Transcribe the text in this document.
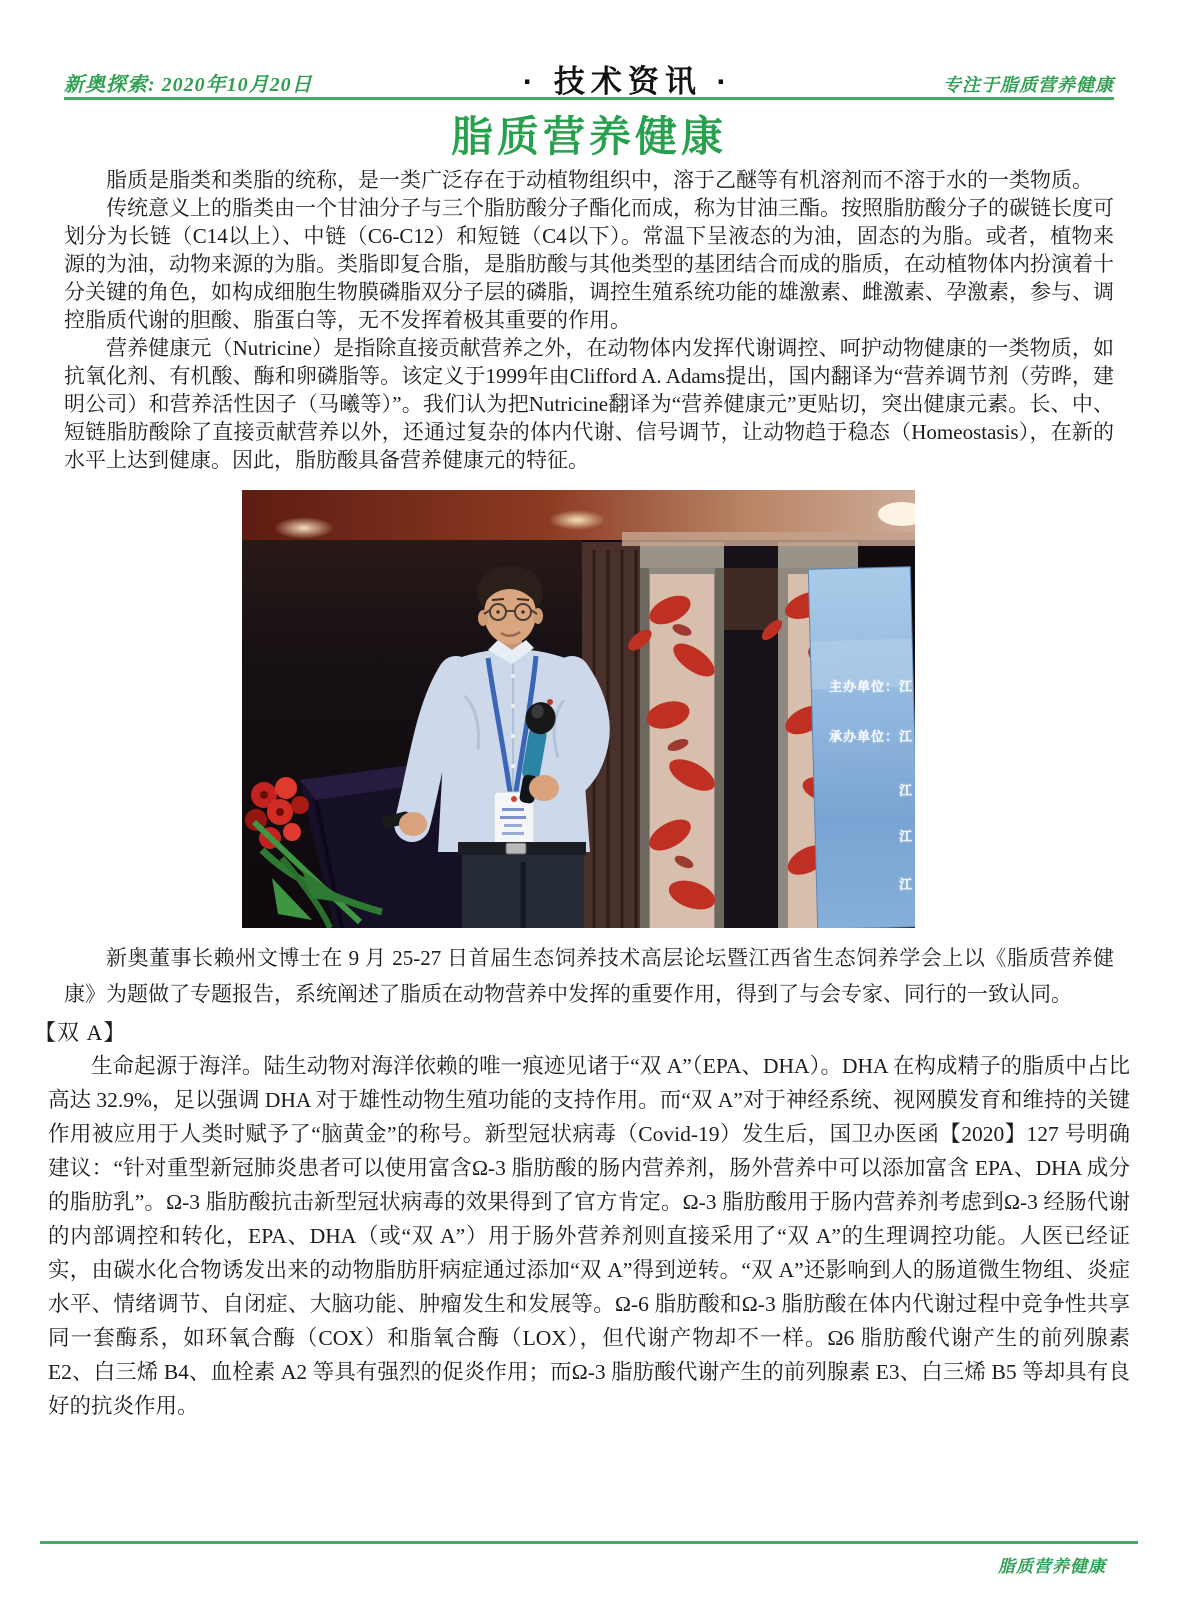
新奥探索: 2020年10月20日	· 技术资讯 ·	专注于脂质营养健康
脂质营养健康

脂质是脂类和类脂的统称，是一类广泛存在于动植物组织中，溶于乙醚等有机溶剂而不溶于水的一类物质。

传统意义上的脂类由一个甘油分子与三个脂肪酸分子酯化而成，称为甘油三酯。按照脂肪酸分子的碳链长度可划分为长链（C14以上）、中链（C6-C12）和短链（C4以下）。常温下呈液态的为油，固态的为脂。或者，植物来源的为油，动物来源的为脂。类脂即复合脂，是脂肪酸与其他类型的基团结合而成的脂质，在动植物体内扮演着十分关键的角色，如构成细胞生物膜磷脂双分子层的磷脂，调控生殖系统功能的雄激素、雌激素、孕激素，参与、调控脂质代谢的胆酸、脂蛋白等，无不发挥着极其重要的作用。

营养健康元（Nutricine）是指除直接贡献营养之外，在动物体内发挥代谢调控、呵护动物健康的一类物质，如抗氧化剂、有机酸、酶和卵磷脂等。该定义于1999年由Clifford A. Adams提出，国内翻译为“营养调节剂（劳晔，建明公司）和营养活性因子（马曦等）”。我们认为把Nutricine翻译为“营养健康元”更贴切，突出健康元素。长、中、短链脂肪酸除了直接贡献营养以外，还通过复杂的体内代谢、信号调节，让动物趋于稳态（Homeostasis），在新的水平上达到健康。因此，脂肪酸具备营养健康元的特征。

主办单位：江
承办单位：江
江
江
江

新奥董事长赖州文博士在 9 月 25-27 日首届生态饲养技术高层论坛暨江西省生态饲养学会上以《脂质营养健康》为题做了专题报告，系统阐述了脂质在动物营养中发挥的重要作用，得到了与会专家、同行的一致认同。

【双 A】

生命起源于海洋。陆生动物对海洋依赖的唯一痕迹见诸于“双 A”（EPA、DHA）。DHA 在构成精子的脂质中占比高达 32.9%，足以强调 DHA 对于雄性动物生殖功能的支持作用。而“双 A”对于神经系统、视网膜发育和维持的关键作用被应用于人类时赋予了“脑黄金”的称号。新型冠状病毒（Covid-19）发生后，国卫办医函【2020】127 号明确建议：“针对重型新冠肺炎患者可以使用富含Ω-3 脂肪酸的肠内营养剂，肠外营养中可以添加富含 EPA、DHA 成分的脂肪乳”。Ω-3 脂肪酸抗击新型冠状病毒的效果得到了官方肯定。Ω-3 脂肪酸用于肠内营养剂考虑到Ω-3 经肠代谢的内部调控和转化，EPA、DHA（或“双 A”）用于肠外营养剂则直接采用了“双 A”的生理调控功能。人医已经证实，由碳水化合物诱发出来的动物脂肪肝病症通过添加“双 A”得到逆转。“双 A”还影响到人的肠道微生物组、炎症水平、情绪调节、自闭症、大脑功能、肿瘤发生和发展等。Ω-6 脂肪酸和Ω-3 脂肪酸在体内代谢过程中竞争性共享同一套酶系，如环氧合酶（COX）和脂氧合酶（LOX），但代谢产物却不一样。Ω6 脂肪酸代谢产生的前列腺素 E2、白三烯 B4、血栓素 A2 等具有强烈的促炎作用；而Ω-3 脂肪酸代谢产生的前列腺素 E3、白三烯 B5 等却具有良好的抗炎作用。

脂质营养健康
